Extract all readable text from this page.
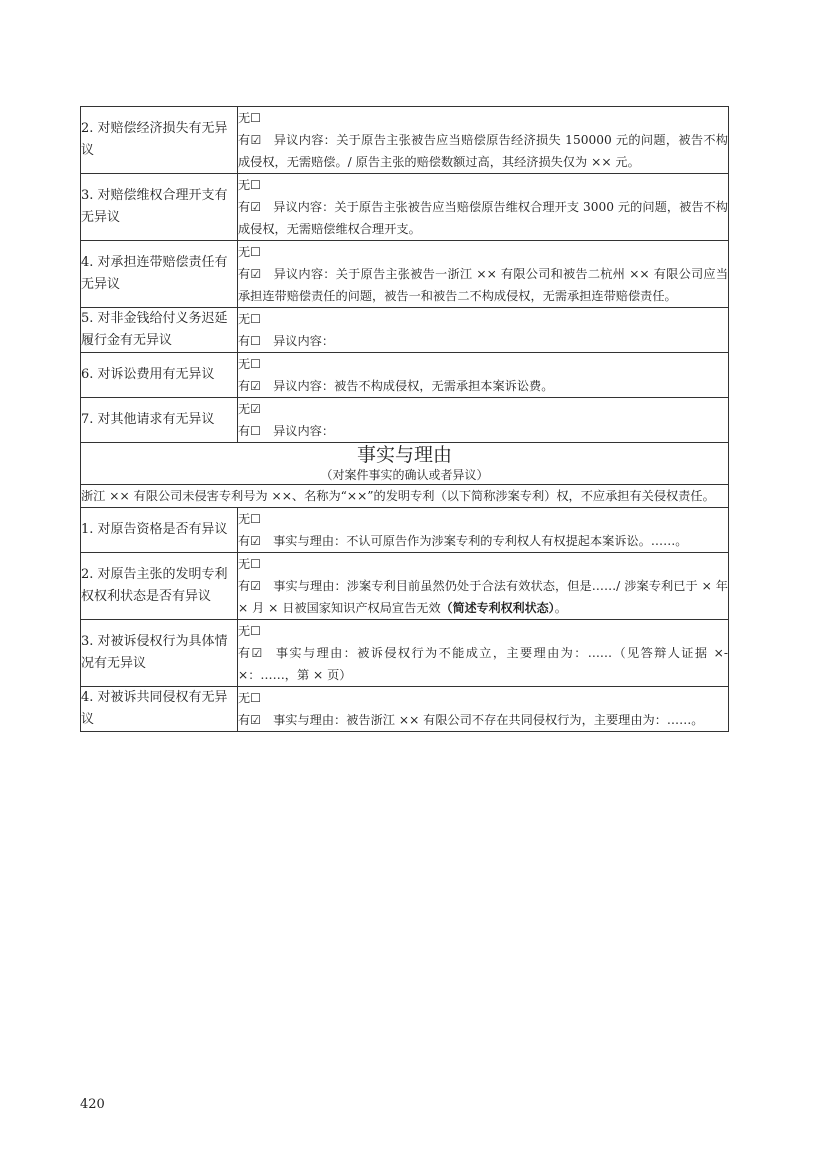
2. 对赔偿经济损失有无异议	无☐
有☑ 异议内容：关于原告主张被告应当赔偿原告经济损失 150000 元的问题，被告不构成侵权，无需赔偿。/ 原告主张的赔偿数额过高，其经济损失仅为 ×× 元。

3. 对赔偿维权合理开支有无异议	无☐
有☑ 异议内容：关于原告主张被告应当赔偿原告维权合理开支 3000 元的问题，被告不构成侵权，无需赔偿维权合理开支。

4. 对承担连带赔偿责任有无异议	无☐
有☑ 异议内容：关于原告主张被告一浙江 ×× 有限公司和被告二杭州 ×× 有限公司应当承担连带赔偿责任的问题，被告一和被告二不构成侵权，无需承担连带赔偿责任。

5. 对非金钱给付义务迟延履行金有无异议	无☐
有☐ 异议内容：

6. 对诉讼费用有无异议	无☐
有☑ 异议内容：被告不构成侵权，无需承担本案诉讼费。

7. 对其他请求有无异议	无☑
有☐ 异议内容：

事实与理由
（对案件事实的确认或者异议）	

浙江 ×× 有限公司未侵害专利号为 ××、名称为“××”的发明专利（以下简称涉案专利）权，不应承担有关侵权责任。	
1. 对原告资格是否有异议	无☐
有☑ 事实与理由：不认可原告作为涉案专利的专利权人有权提起本案诉讼。……。

2. 对原告主张的发明专利权权利状态是否有异议	无☐
有☑ 事实与理由：涉案专利目前虽然仍处于合法有效状态，但是……/ 涉案专利已于 × 年 × 月 × 日被国家知识产权局宣告无效（简述专利权利状态）。

3. 对被诉侵权行为具体情况有无异议	无☐
有☑ 事实与理由：被诉侵权行为不能成立，主要理由为：……（见答辩人证据 ×-×：……，第 × 页）

4. 对被诉共同侵权有无异议	无☐
有☑ 事实与理由：被告浙江 ×× 有限公司不存在共同侵权行为，主要理由为：……。
420
